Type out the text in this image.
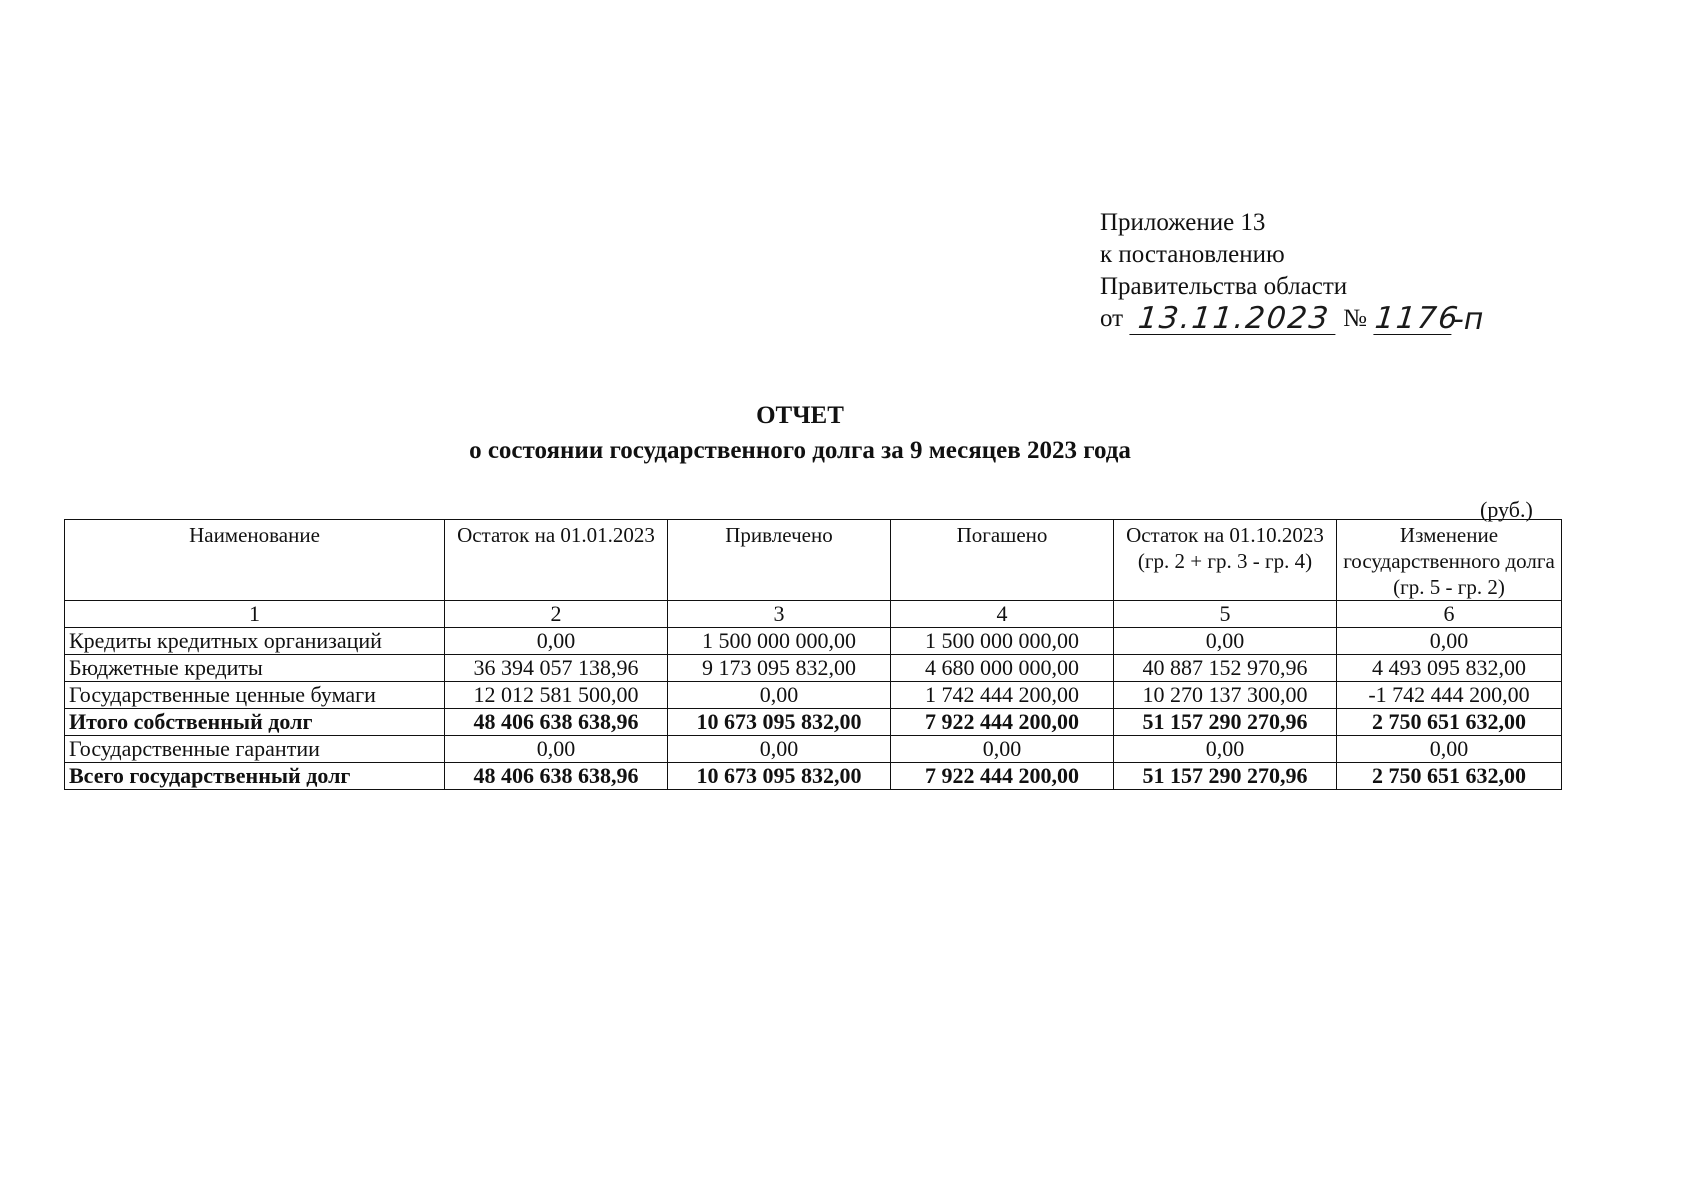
Приложение 13
к постановлению
Правительства области
от 13.11.2023 № 1176
-п
ОТЧЕТ
о состоянии государственного долга за 9 месяцев 2023 года
(руб.)
Наименование	Остаток на 01.01.2023	Привлечено	Погашено	Остаток на 01.10.2023 (гр. 2 + гр. 3 - гр. 4)	Изменение государственного долга (гр. 5 - гр. 2)
1	2	3	4	5	6
Кредиты кредитных организаций	0,00	1 500 000 000,00	1 500 000 000,00	0,00	0,00
Бюджетные кредиты	36 394 057 138,96	9 173 095 832,00	4 680 000 000,00	40 887 152 970,96	4 493 095 832,00
Государственные ценные бумаги	12 012 581 500,00	0,00	1 742 444 200,00	10 270 137 300,00	-1 742 444 200,00
Итого собственный долг	48 406 638 638,96	10 673 095 832,00	7 922 444 200,00	51 157 290 270,96	2 750 651 632,00
Государственные гарантии	0,00	0,00	0,00	0,00	0,00
Всего государственный долг	48 406 638 638,96	10 673 095 832,00	7 922 444 200,00	51 157 290 270,96	2 750 651 632,00
